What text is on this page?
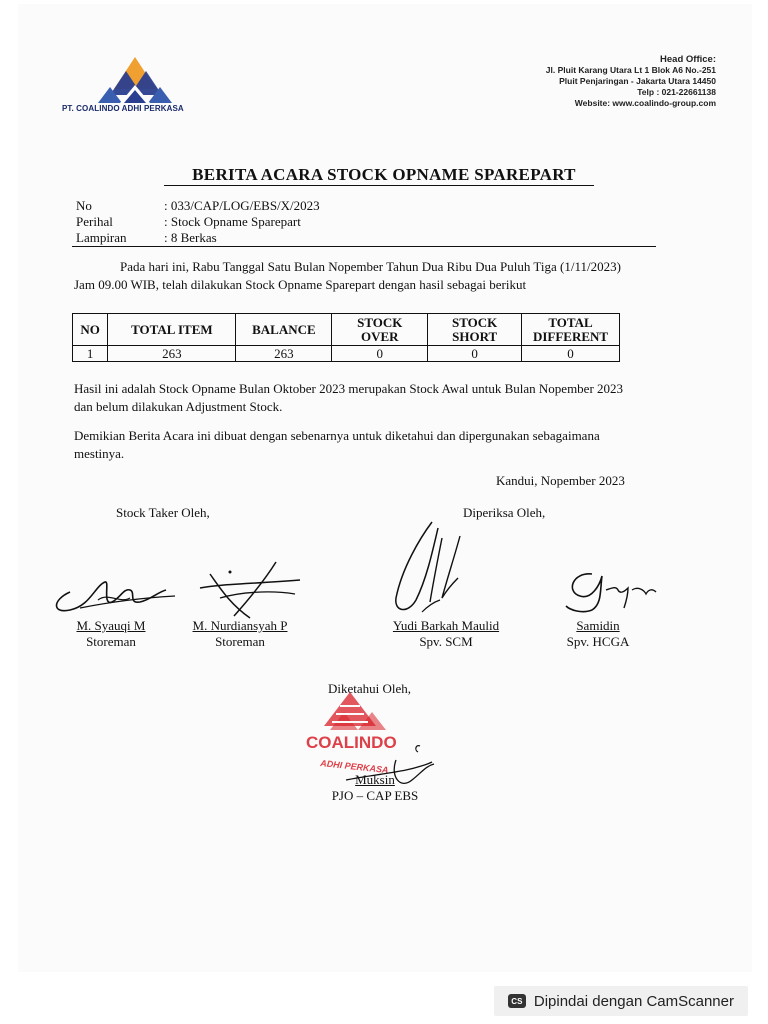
PT. COALINDO ADHI PERKASA
Head Office:
Jl. Pluit Karang Utara Lt 1 Blok A6 No.-251
Pluit Penjaringan - Jakarta Utara 14450
Telp : 021-22661138
Website: www.coalindo-group.com
BERITA ACARA STOCK OPNAME SPAREPART
No	: 033/CAP/LOG/EBS/X/2023
Perihal	: Stock Opname Sparepart
Lampiran	: 8 Berkas
Pada hari ini, Rabu Tanggal Satu Bulan Nopember Tahun Dua Ribu Dua Puluh Tiga (1/11/2023)
Jam 09.00 WIB, telah dilakukan Stock Opname Sparepart dengan hasil sebagai berikut
NO	TOTAL ITEM	BALANCE	STOCK OVER	STOCK SHORT	TOTAL DIFFERENT
1	263	263	0	0	0
Hasil ini adalah Stock Opname Bulan Oktober 2023 merupakan Stock Awal untuk Bulan Nopember 2023
dan belum dilakukan Adjustment Stock.
Demikian Berita Acara ini dibuat dengan sebenarnya untuk diketahui dan dipergunakan sebagaimana
mestinya.
Kandui, Nopember 2023
Stock Taker Oleh,	Diperiksa Oleh,
M. Syauqi M
Storeman
M. Nurdiansyah P
Storeman
Yudi Barkah Maulid
Spv. SCM
Samidin
Spv. HCGA
Diketahui Oleh,
COALINDO
ADHI PERKASA
Muksin
PJO – CAP EBS
CS Dipindai dengan CamScanner
